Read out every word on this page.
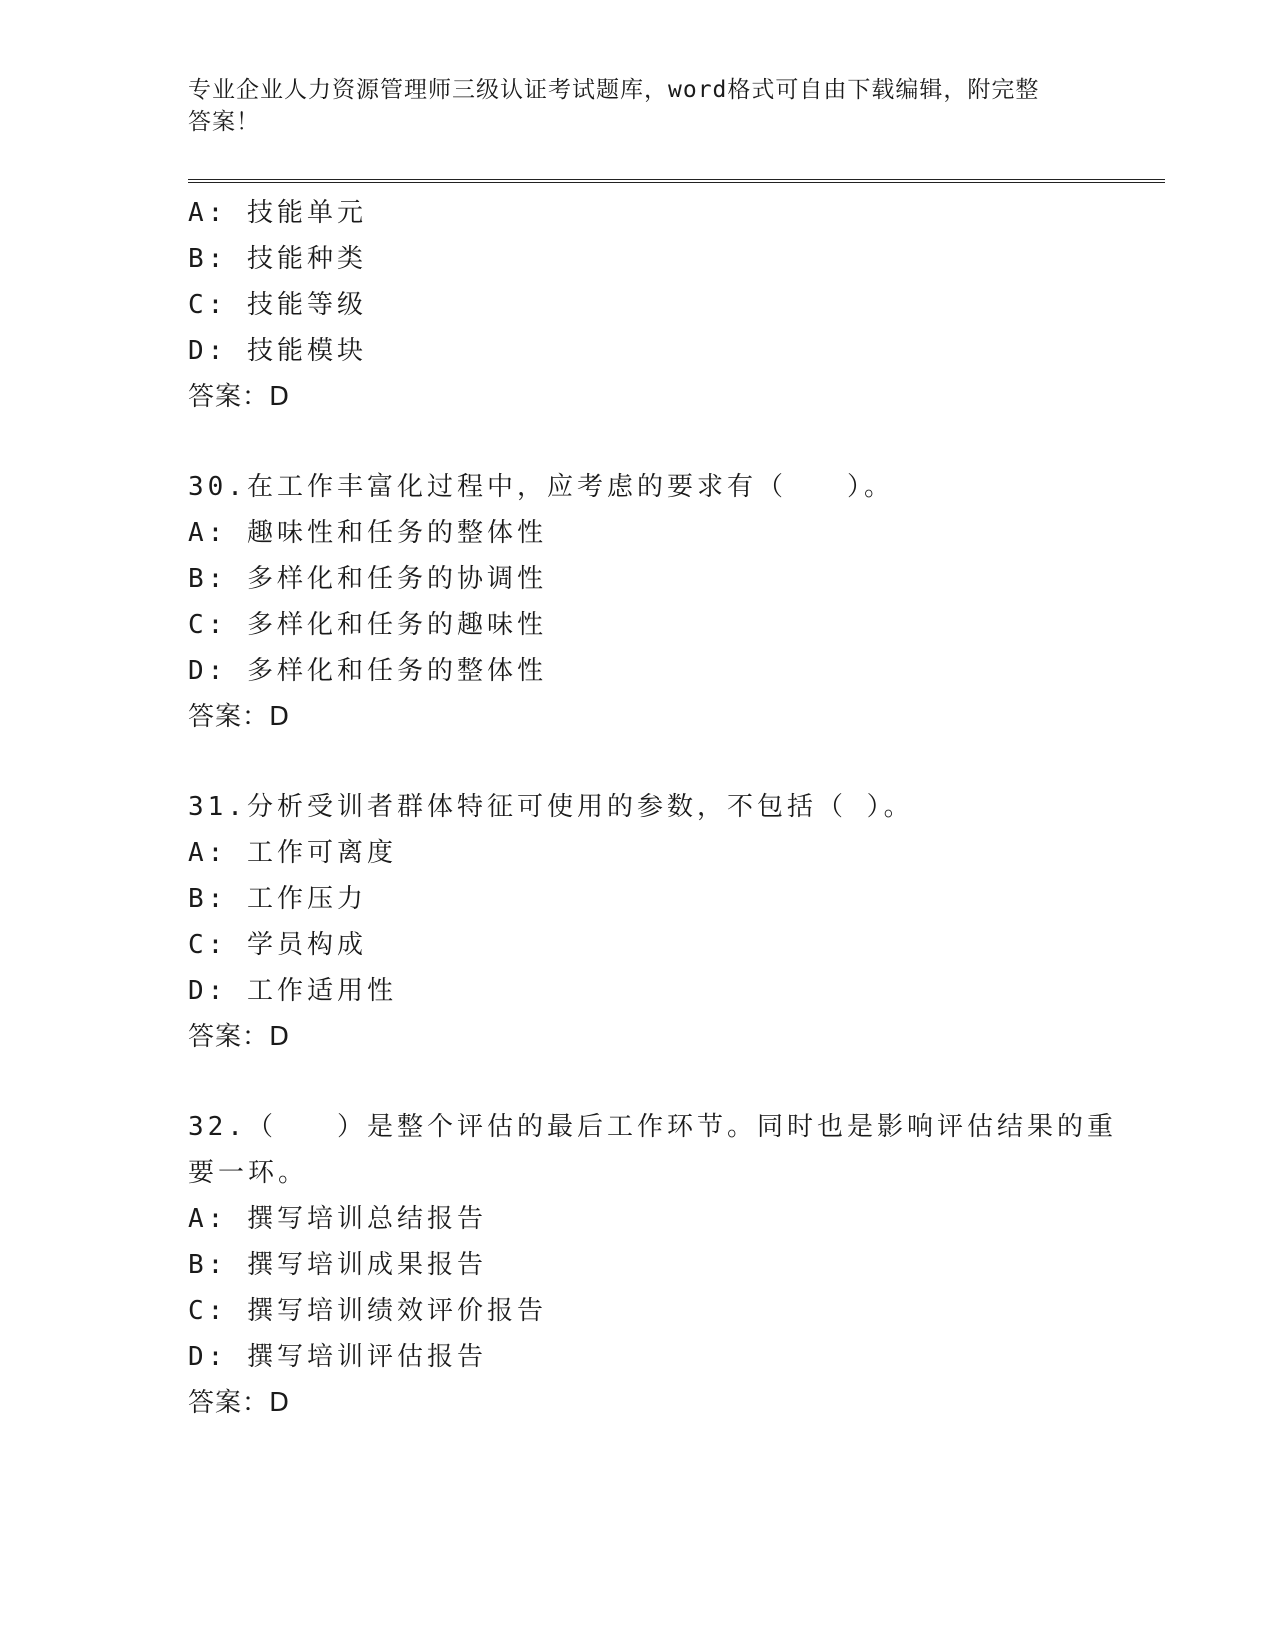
专业企业人力资源管理师三级认证考试题库，word格式可自由下载编辑，附完整
答案！
A: 技能单元
B: 技能种类
C: 技能等级
D: 技能模块
答案：D
30.在工作丰富化过程中，应考虑的要求有（　　）。
A: 趣味性和任务的整体性
B: 多样化和任务的协调性
C: 多样化和任务的趣味性
D: 多样化和任务的整体性
答案：D
31.分析受训者群体特征可使用的参数，不包括（ ）。
A: 工作可离度
B: 工作压力
C: 学员构成
D: 工作适用性
答案：D
32.（　　）是整个评估的最后工作环节。同时也是影响评估结果的重
要一环。
A: 撰写培训总结报告
B: 撰写培训成果报告
C: 撰写培训绩效评价报告
D: 撰写培训评估报告
答案：D
